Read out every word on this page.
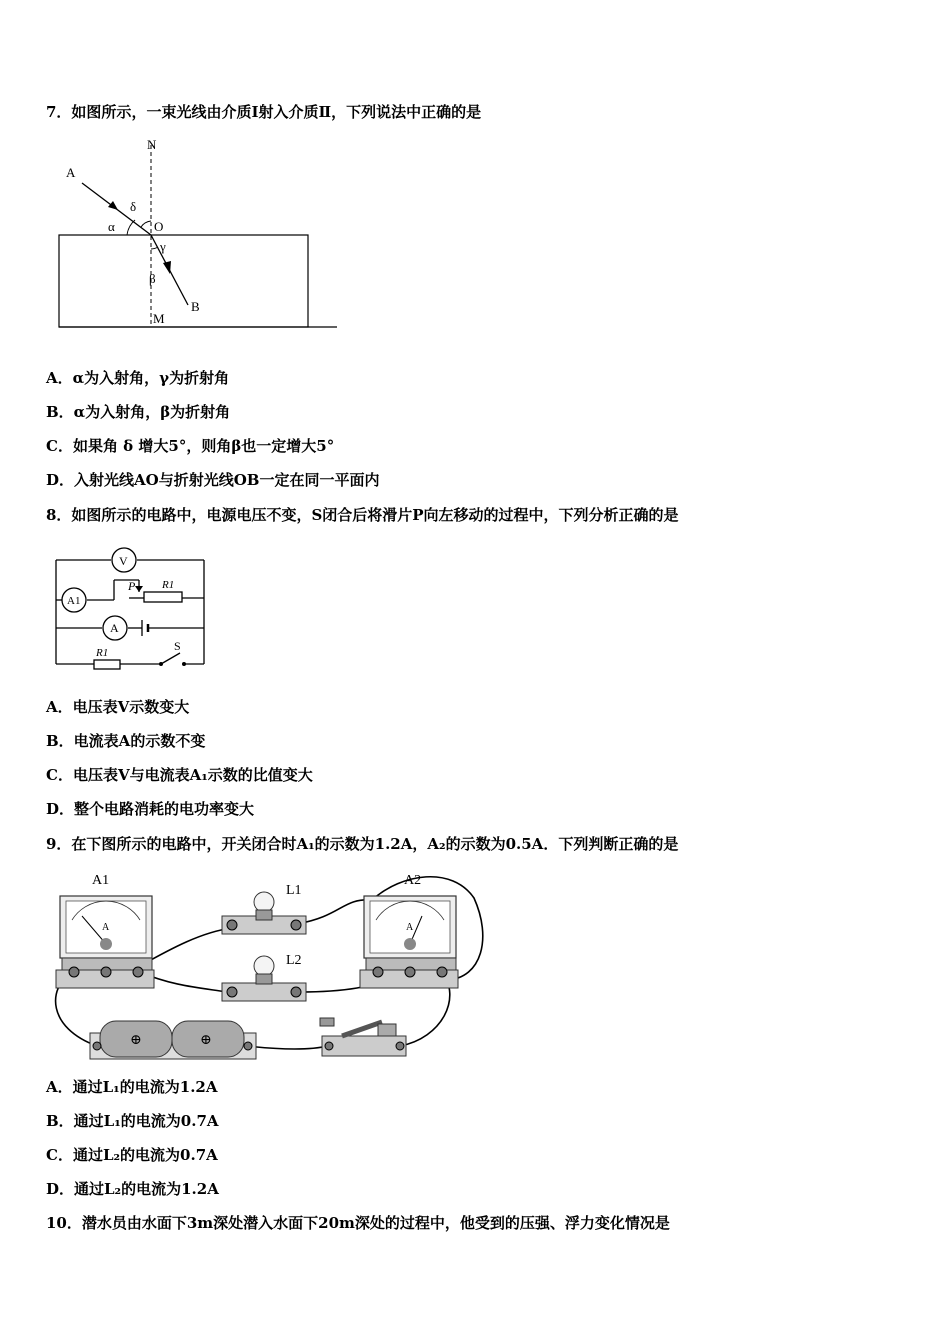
7．如图所示，一束光线由介质Ⅰ射入介质Ⅱ，下列说法中正确的是
N
A
δ
α	O
γ
β
B
M
A．α为入射角，γ为折射角
B．α为入射角，β为折射角
C．如果角 δ 增大5°，则角β也一定增大5°
D．入射光线AO与折射光线OB一定在同一平面内
8．如图所示的电路中，电源电压不变，S闭合后将滑片P向左移动的过程中，下列分析正确的是
V
A1
A
P R1
R1	S
A．电压表V示数变大
B．电流表A的示数不变
C．电压表V与电流表A₁示数的比值变大
D．整个电路消耗的电功率变大
9．在下图所示的电路中，开关闭合时A₁的示数为1.2A，A₂的示数为0.5A．下列判断正确的是
⊕	⊕
A1	A2
L1
L2
A	A
A．通过L₁的电流为1.2A
B．通过L₁的电流为0.7A
C．通过L₂的电流为0.7A
D．通过L₂的电流为1.2A
10．潜水员由水面下3m深处潜入水面下20m深处的过程中，他受到的压强、浮力变化情况是
